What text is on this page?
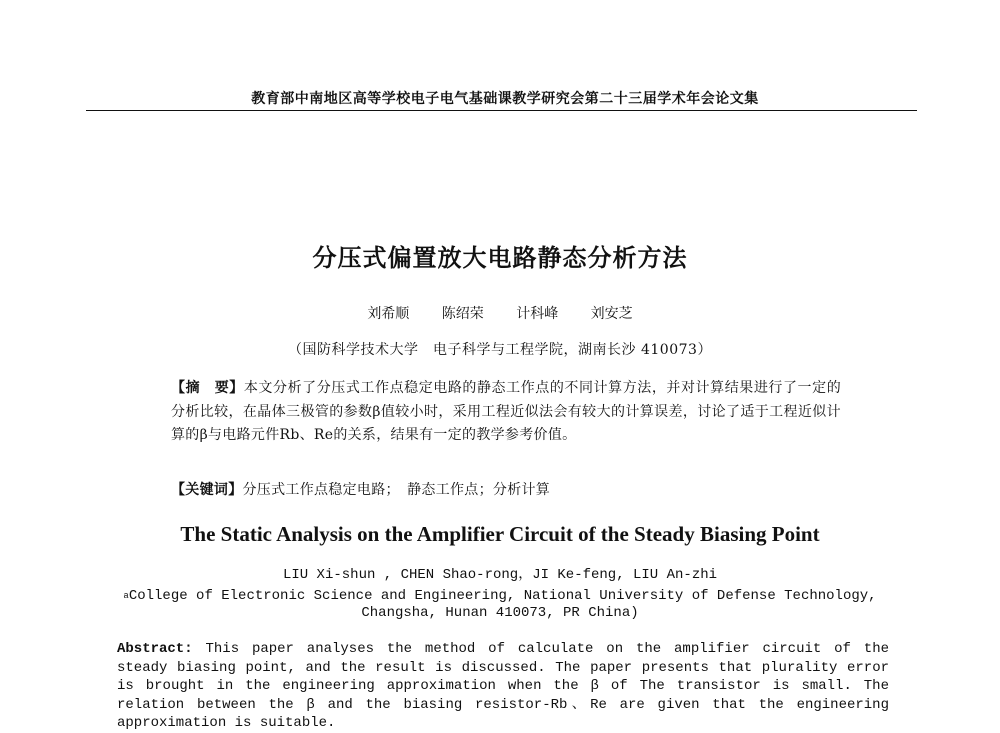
教育部中南地区高等学校电子电气基础课教学研究会第二十三届学术年会论文集
分压式偏置放大电路静态分析方法
刘希顺 陈绍荣 计科峰 刘安芝
（国防科学技术大学　电子科学与工程学院，湖南长沙 410073）
【摘　要】本文分析了分压式工作点稳定电路的静态工作点的不同计算方法，并对计算结果进行了一定的分析比较，在晶体三极管的参数β值较小时，采用工程近似法会有较大的计算误差，讨论了适于工程近似计算的β与电路元件Rb、Re的关系，结果有一定的教学参考价值。
【关键词】分压式工作点稳定电路；　静态工作点；分析计算
The Static Analysis on the Amplifier Circuit of the Steady Biasing Point
LIU Xi-shun , CHEN Shao-rong，JI Ke-feng, LIU An-zhi
$^a$College of Electronic Science and Engineering, National University of Defense Technology,
Changsha, Hunan 410073, PR China)
Abstract: This paper analyses the method of calculate on the amplifier circuit of the steady biasing point, and the result is discussed. The paper presents that plurality error is brought in the engineering approximation when the β of The transistor is small. The relation between the β and the biasing resistor-Rb、Re are given that the engineering approximation is suitable.
